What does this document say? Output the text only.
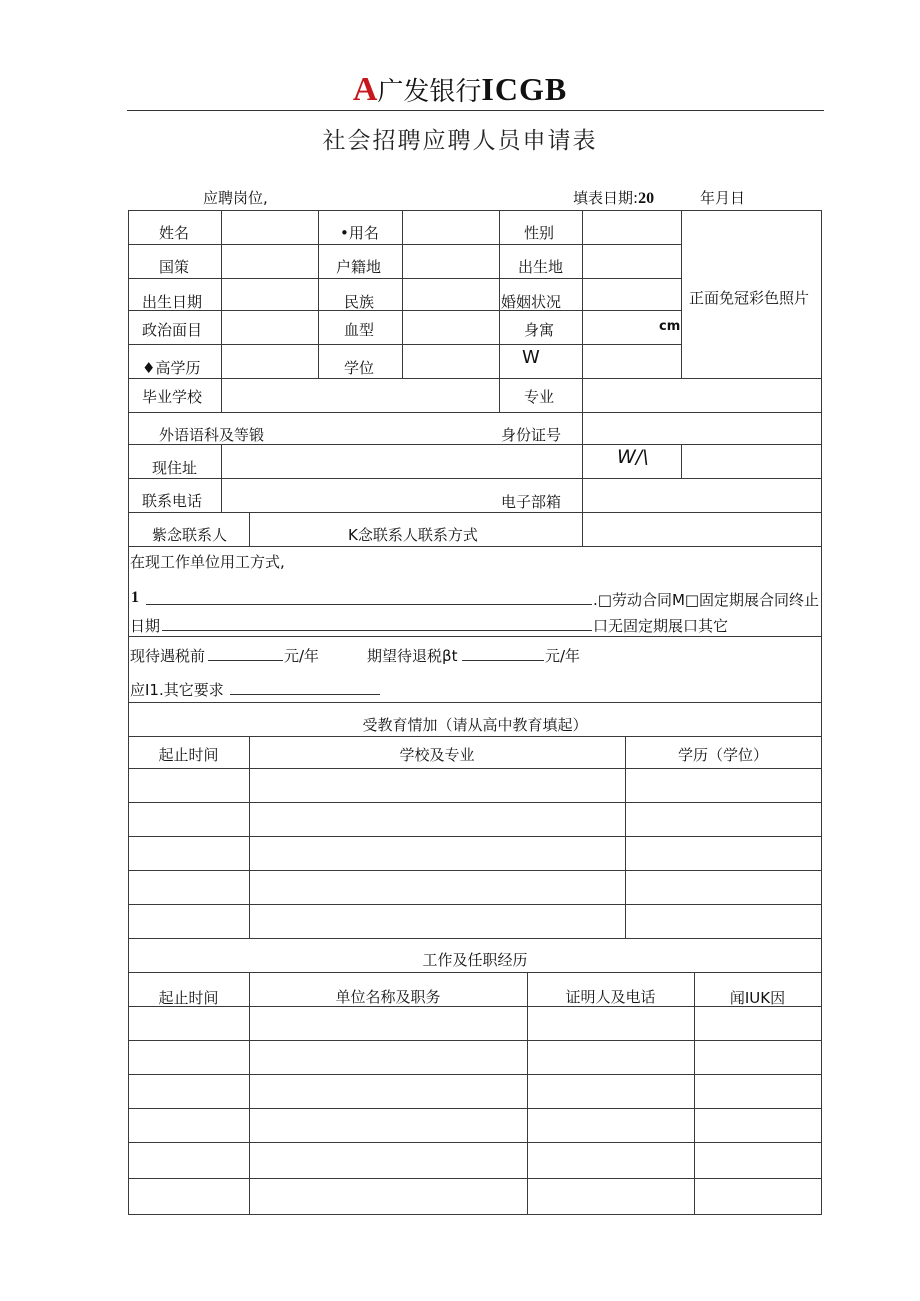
A广发银行ICGB
社会招聘应聘人员申请表
应聘岗位,	填表日期:20	年月日
姓名	•用名	性别
国策	户籍地	出生地
出生日期	民族	婚姻状况	正面免冠彩色照片
政治面目	血型	身寓	cm
♦高学历	学位	W
毕业学校	专业
外语语科及等锻	身份证号
现住址	W/\
联系电话	电子部箱
紫念联系人	K念联系人联系方式
在现工作单位用工方式,
1	.□劳动合同M□固定期展合同终止
日期	口无固定期展口其它
现待遇税前	元/年	期望待退税βt	元/年
应I1.其它要求
受教育情加（请从高中教育填起）
起止时间	学校及专业	学历（学位）
工作及任职经历
起止时间	单位名称及职务	证明人及电话	闻IUK因
